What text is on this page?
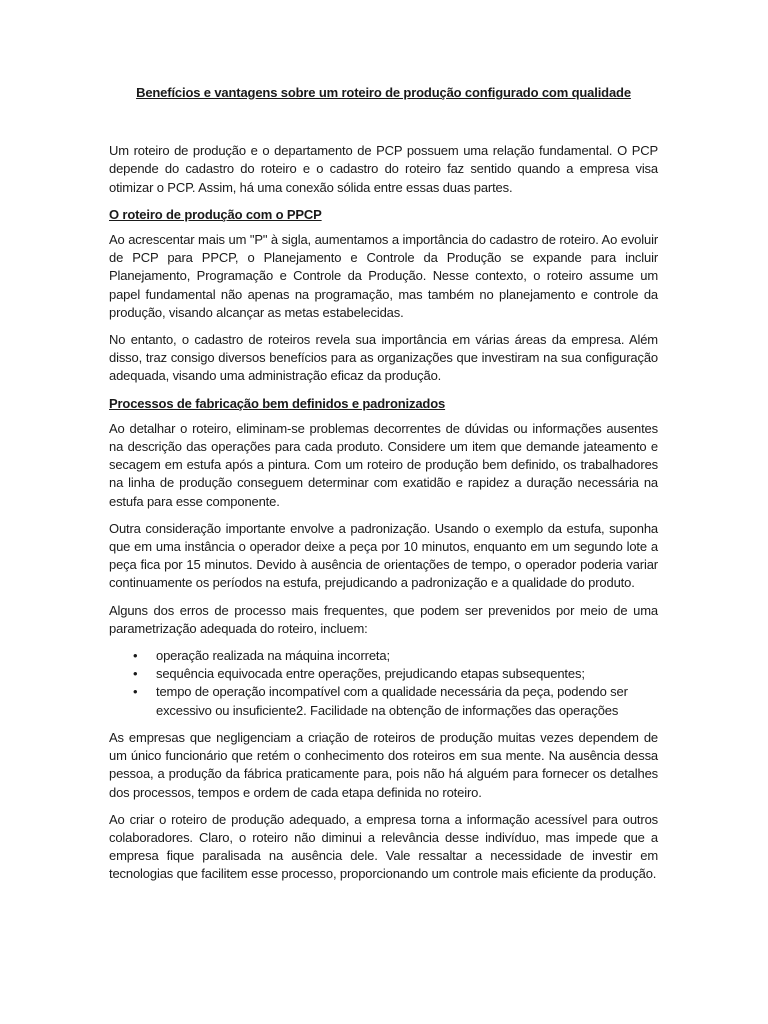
Benefícios e vantagens sobre um roteiro de produção configurado com qualidade

Um roteiro de produção e o departamento de PCP possuem uma relação fundamental. O PCP depende do cadastro do roteiro e o cadastro do roteiro faz sentido quando a empresa visa otimizar o PCP. Assim, há uma conexão sólida entre essas duas partes.

O roteiro de produção com o PPCP

Ao acrescentar mais um "P" à sigla, aumentamos a importância do cadastro de roteiro. Ao evoluir de PCP para PPCP, o Planejamento e Controle da Produção se expande para incluir Planejamento, Programação e Controle da Produção. Nesse contexto, o roteiro assume um papel fundamental não apenas na programação, mas também no planejamento e controle da produção, visando alcançar as metas estabelecidas.

No entanto, o cadastro de roteiros revela sua importância em várias áreas da empresa. Além disso, traz consigo diversos benefícios para as organizações que investiram na sua configuração adequada, visando uma administração eficaz da produção.

Processos de fabricação bem definidos e padronizados

Ao detalhar o roteiro, eliminam-se problemas decorrentes de dúvidas ou informações ausentes na descrição das operações para cada produto. Considere um item que demande jateamento e secagem em estufa após a pintura. Com um roteiro de produção bem definido, os trabalhadores na linha de produção conseguem determinar com exatidão e rapidez a duração necessária na estufa para esse componente.

Outra consideração importante envolve a padronização. Usando o exemplo da estufa, suponha que em uma instância o operador deixe a peça por 10 minutos, enquanto em um segundo lote a peça fica por 15 minutos. Devido à ausência de orientações de tempo, o operador poderia variar continuamente os períodos na estufa, prejudicando a padronização e a qualidade do produto.

Alguns dos erros de processo mais frequentes, que podem ser prevenidos por meio de uma parametrização adequada do roteiro, incluem:

• operação realizada na máquina incorreta;
• sequência equivocada entre operações, prejudicando etapas subsequentes;
• tempo de operação incompatível com a qualidade necessária da peça, podendo ser excessivo ou insuficiente2. Facilidade na obtenção de informações das operações

As empresas que negligenciam a criação de roteiros de produção muitas vezes dependem de um único funcionário que retém o conhecimento dos roteiros em sua mente. Na ausência dessa pessoa, a produção da fábrica praticamente para, pois não há alguém para fornecer os detalhes dos processos, tempos e ordem de cada etapa definida no roteiro.

Ao criar o roteiro de produção adequado, a empresa torna a informação acessível para outros colaboradores. Claro, o roteiro não diminui a relevância desse indivíduo, mas impede que a empresa fique paralisada na ausência dele. Vale ressaltar a necessidade de investir em tecnologias que facilitem esse processo, proporcionando um controle mais eficiente da produção.
